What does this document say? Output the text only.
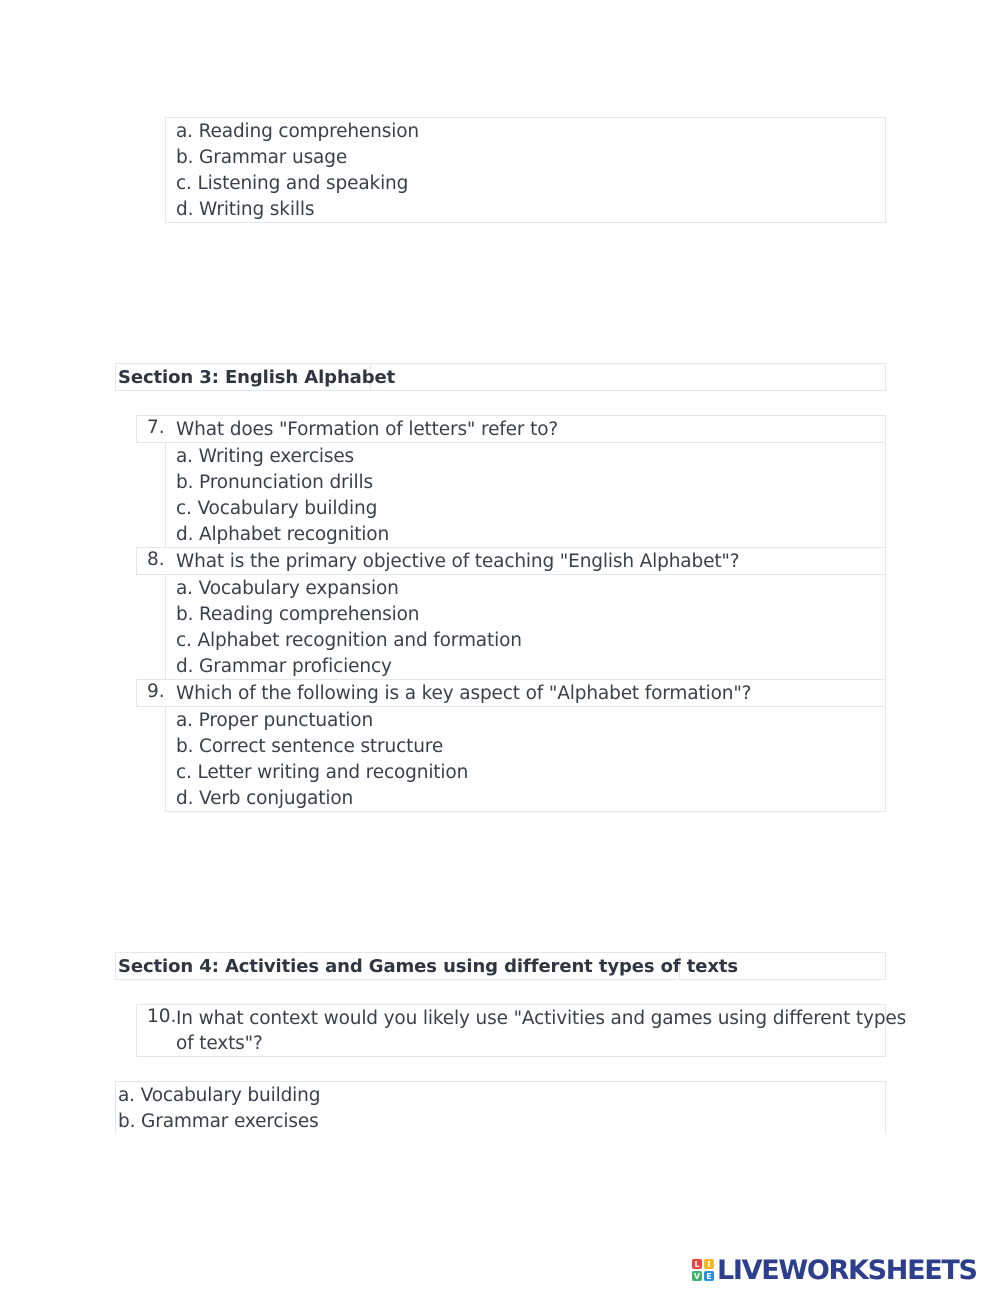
a. Reading comprehension
b. Grammar usage
c. Listening and speaking
d. Writing skills
Section 3: English Alphabet
7. What does "Formation of letters" refer to?
a. Writing exercises
b. Pronunciation drills
c. Vocabulary building
d. Alphabet recognition
8. What is the primary objective of teaching "English Alphabet"?
a. Vocabulary expansion
b. Reading comprehension
c. Alphabet recognition and formation
d. Grammar proficiency
9. Which of the following is a key aspect of "Alphabet formation"?
a. Proper punctuation
b. Correct sentence structure
c. Letter writing and recognition
d. Verb conjugation
Section 4: Activities and Games using different types of texts
10. In what context would you likely use "Activities and games using different types
of texts"?
a. Vocabulary building
b. Grammar exercises
L I
V E LIVEWORKSHEETS
